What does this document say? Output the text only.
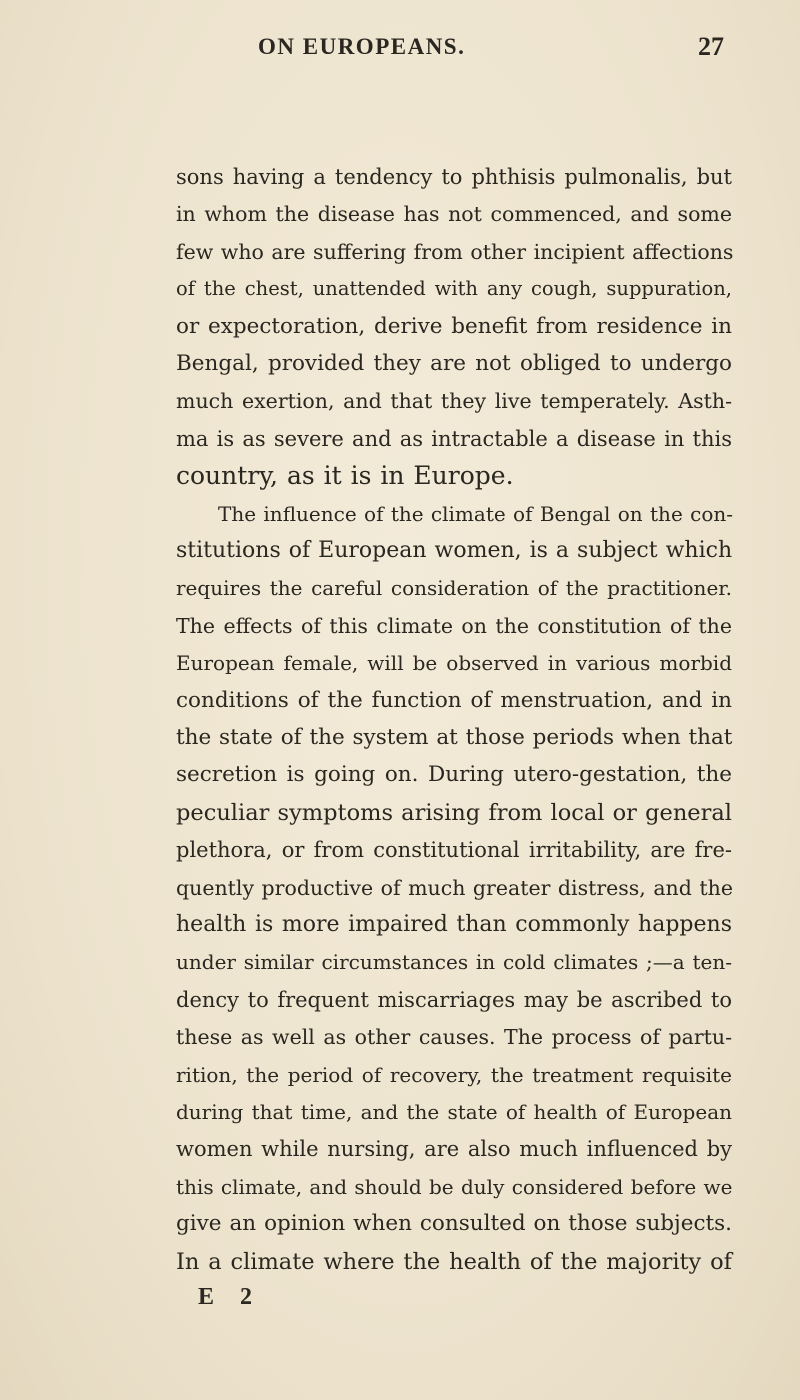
ON EUROPEANS.	27
sons having a tendency to phthisis pulmonalis, but
in whom the disease has not commenced, and some
few who are suffering from other incipient affections
of the chest, unattended with any cough, suppuration,
or expectoration, derive benefit from residence in
Bengal, provided they are not obliged to undergo
much exertion, and that they live temperately. Asth-
ma is as severe and as intractable a disease in this
country, as it is in Europe.
The influence of the climate of Bengal on the con-
stitutions of European women, is a subject which
requires the careful consideration of the practitioner.
The effects of this climate on the constitution of the
European female, will be observed in various morbid
conditions of the function of menstruation, and in
the state of the system at those periods when that
secretion is going on. During utero-gestation, the
peculiar symptoms arising from local or general
plethora, or from constitutional irritability, are fre-
quently productive of much greater distress, and the
health is more impaired than commonly happens
under similar circumstances in cold climates ;—a ten-
dency to frequent miscarriages may be ascribed to
these as well as other causes. The process of partu-
rition, the period of recovery, the treatment requisite
during that time, and the state of health of European
women while nursing, are also much influenced by
this climate, and should be duly considered before we
give an opinion when consulted on those subjects.
In a climate where the health of the majority of
E 2
